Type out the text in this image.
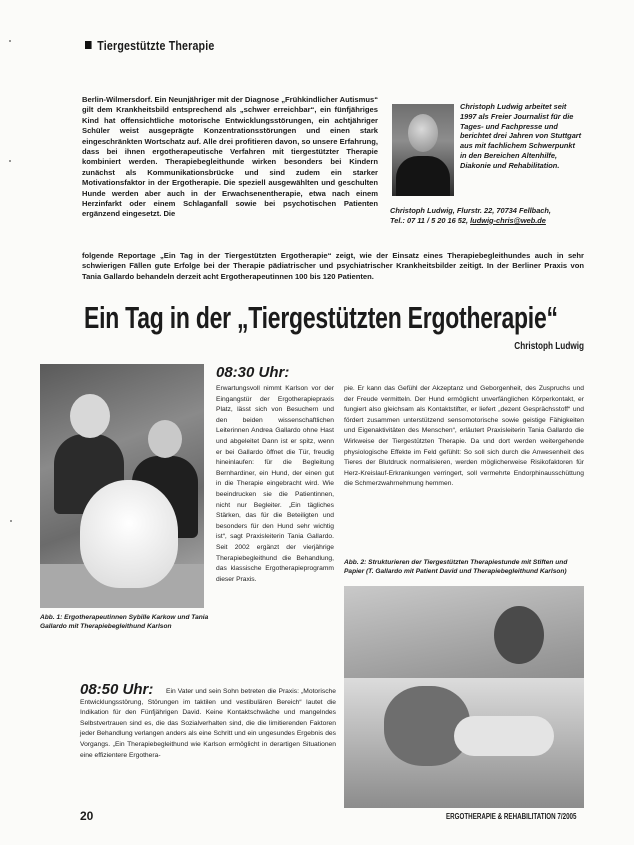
Tiergestützte Therapie
Berlin-Wilmersdorf. Ein Neunjähriger mit der Diagnose „Frühkindlicher Autismus“ gilt dem Krankheitsbild entsprechend als „schwer erreichbar“, ein fünfjähriges Kind hat offensichtliche motorische Entwicklungsstörungen, ein achtjähriger Schüler weist ausgeprägte Konzentrationsstörungen und einen stark eingeschränkten Wortschatz auf. Alle drei profitieren davon, so unsere Erfahrung, dass bei ihnen ergotherapeutische Verfahren mit tiergestützter Therapie kombiniert werden. Therapiebegleithunde wirken besonders bei Kindern zunächst als Kommunikationsbrücke und sind zudem ein starker Motivationsfaktor in der Ergotherapie. Die speziell ausgewählten und geschulten Hunde werden aber auch in der Erwachsenentherapie, etwa nach einem Herzinfarkt oder einem Schlaganfall sowie bei psychotischen Patienten ergänzend eingesetzt. Die
folgende Reportage „Ein Tag in der Tiergestützten Ergotherapie“ zeigt, wie der Einsatz eines Therapiebegleithundes auch in sehr schwierigen Fällen gute Erfolge bei der Therapie pädiatrischer und psychiatrischer Krankheitsbilder zeitigt. In der Berliner Praxis von Tania Gallardo behandeln derzeit acht Ergotherapeutinnen 100 bis 120 Patienten.
Christoph Ludwig arbeitet seit 1997 als Freier Journalist für die Tages- und Fachpresse und berichtet drei Jahren von Stuttgart aus mit fachlichem Schwerpunkt in den Bereichen Altenhilfe, Diakonie und Rehabilitation.
Christoph Ludwig, Flurstr. 22, 70734 Fellbach,
Tel.: 07 11 / 5 20 16 52, ludwig-chris@web.de
Ein Tag in der „Tiergestützten Ergotherapie“
Christoph Ludwig
Abb. 1: Ergotherapeutinnen Sybille Karkow und Tania Gallardo mit Therapiebegleithund Karlson
08:30 Uhr:
Erwartungsvoll nimmt Karlson vor der Eingangstür der Ergotherapiepraxis Platz, lässt sich von Besuchern und den beiden wissenschaftlichen Leiterinnen Andrea Gallardo ohne Hast und abgeleitet Dann ist er spitz, wenn er bei Gallardo öffnet die Tür, freudig hineinlaufen: für die Begleitung Bernhardiner, ein Hund, der einen gut in die Therapie eingebracht wird. Wie beeindrucken sie die Patientinnen, nicht nur Begleiter. „Ein tägliches Stärken, das für die Beteiligten und besonders für den Hund sehr wichtig ist“, sagt Praxisleiterin Tania Gallardo. Seit 2002 ergänzt der vierjährige Therapiebegleithund die Behandlung, das klassische Ergotherapieprogramm dieser Praxis.
pie. Er kann das Gefühl der Akzeptanz und Geborgenheit, des Zuspruchs und der Freude vermitteln. Der Hund ermöglicht unverfänglichen Körperkontakt, er fungiert also gleichsam als Kontaktstifter, er liefert „dezent Gesprächsstoff“ und fördert zusammen unterstützend sensomotorische sowie geistige Fähigkeiten und Eigenaktivitäten des Menschen“, erläutert Praxisleiterin Tania Gallardo die Wirkweise der Tiergestützten Therapie. Da und dort werden weitergehende physiologische Effekte im Feld gefühlt: So soll sich durch die Anwesenheit des Tieres der Blutdruck normalisieren, werden möglicherweise Risikofaktoren für Herz-Kreislauf-Erkrankungen verringert, soll vermehrte Endorphinausschüttung die Schmerzwahrnehmung hemmen.
Abb. 2: Strukturieren der Tiergestützten Therapiestunde mit Stiften und Papier (T. Gallardo mit Patient David und Therapiebegleithund Karlson)
08:50 Uhr:	Ein Vater und sein Sohn betreten die Praxis: „Motorische Entwicklungsstörung, Störungen im taktilen und vestibulären Bereich“ lautet die Indikation für den Fünfjährigen David. Keine Kontaktschwäche und mangelndes Selbstvertrauen sind es, die das Sozialverhalten sind, die die limitierenden Faktoren jeder Behandlung verlangen anders als eine Schritt und ein ungesundes Ergebnis des Vorgangs. „Ein Therapiebegleithund wie Karlson ermöglicht in derartigen Situationen eine effizientere Ergothera-
20	ERGOTHERAPIE & REHABILITATION 7/2005
